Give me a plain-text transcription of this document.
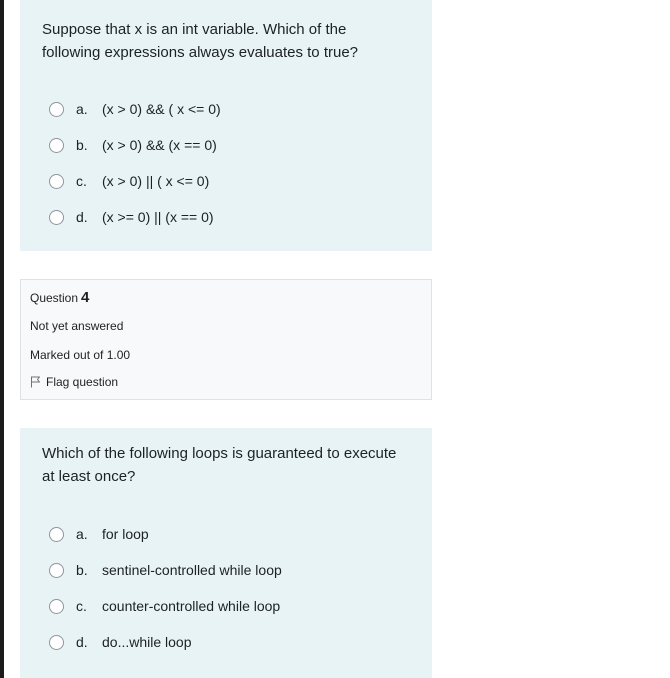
Suppose that x is an int variable. Which of the following expressions always evaluates to true?
a.	(x > 0) && ( x <= 0)
b.	(x > 0) && (x == 0)
c.	(x > 0) || ( x <= 0)
d.	(x >= 0) || (x == 0)
Question 4
Not yet answered
Marked out of 1.00
Flag question
Which of the following loops is guaranteed to execute at least once?
a.	for loop
b.	sentinel-controlled while loop
c.	counter-controlled while loop
d.	do...while loop
